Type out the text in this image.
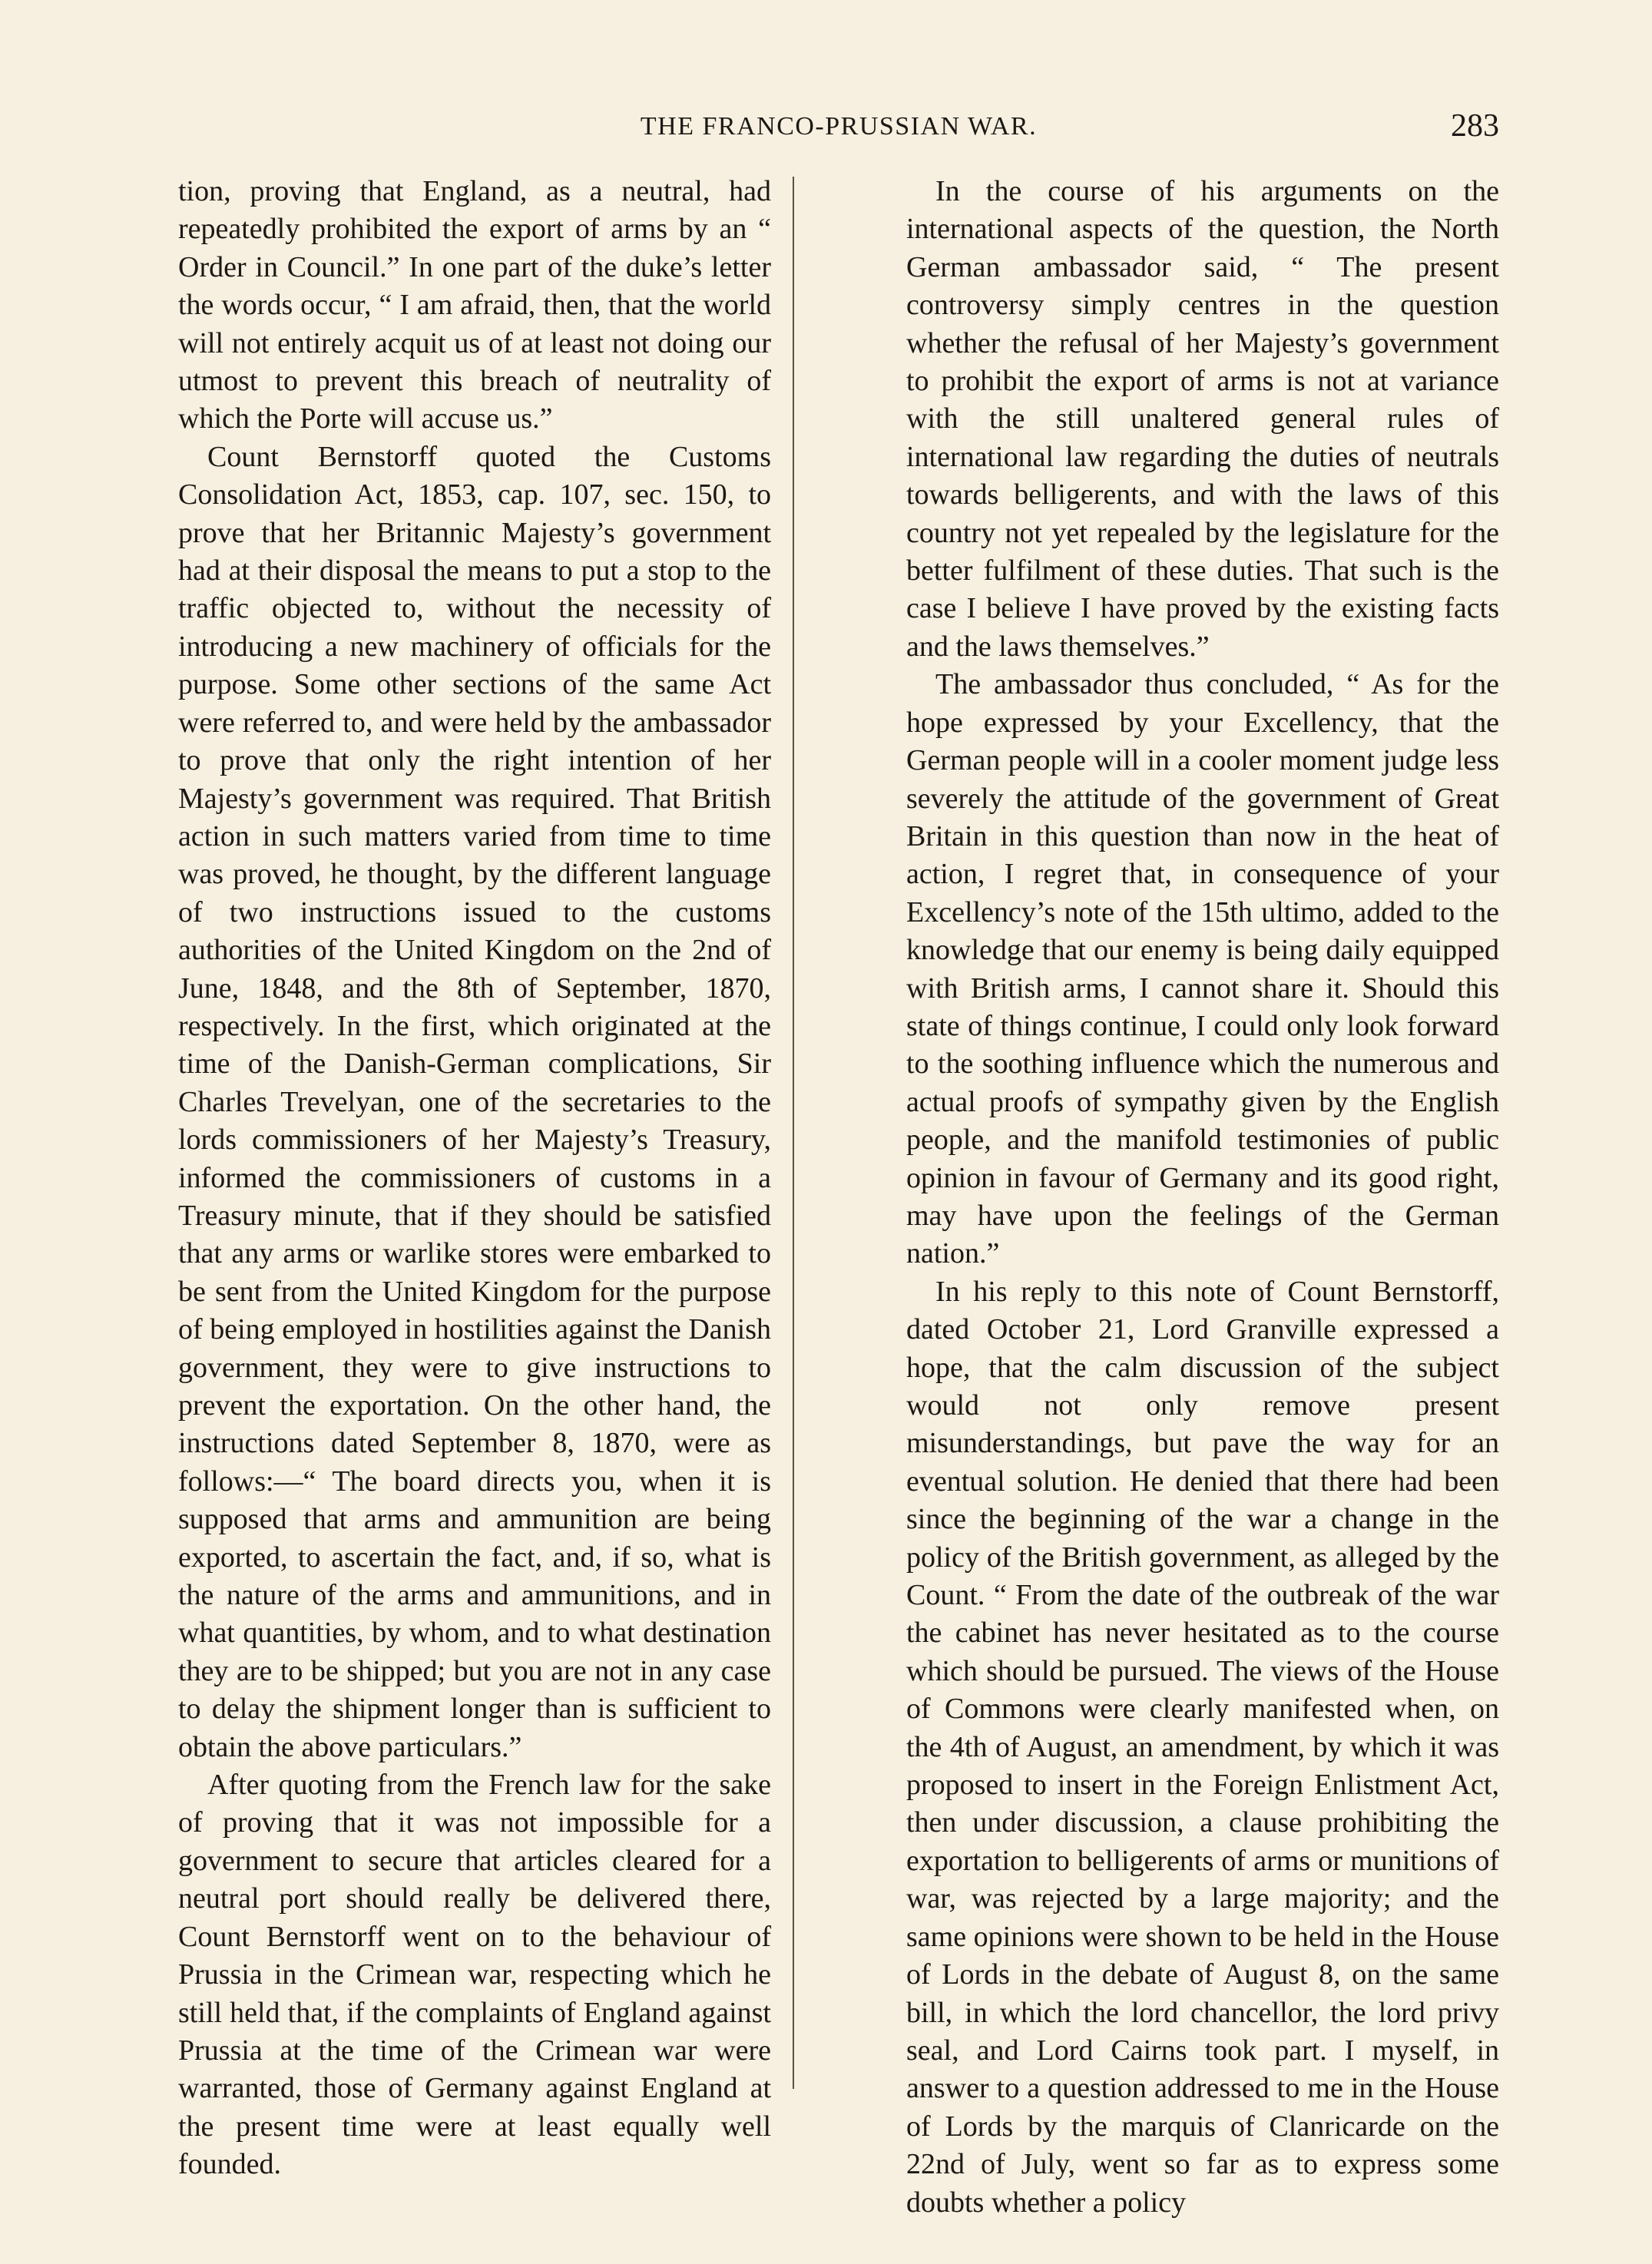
THE FRANCO-PRUSSIAN WAR.	283

tion, proving that England, as a neutral, had repeatedly prohibited the export of arms by an “ Order in Council.” In one part of the duke’s letter the words occur, “ I am afraid, then, that the world will not entirely acquit us of at least not doing our utmost to prevent this breach of neutrality of which the Porte will accuse us.”

Count Bernstorff quoted the Customs Consolidation Act, 1853, cap. 107, sec. 150, to prove that her Britannic Majesty’s government had at their disposal the means to put a stop to the traffic objected to, without the necessity of introducing a new machinery of officials for the purpose. Some other sections of the same Act were referred to, and were held by the ambassador to prove that only the right intention of her Majesty’s government was required. That British action in such matters varied from time to time was proved, he thought, by the different language of two instructions issued to the customs authorities of the United Kingdom on the 2nd of June, 1848, and the 8th of September, 1870, respectively. In the first, which originated at the time of the Danish-German complications, Sir Charles Trevelyan, one of the secretaries to the lords commissioners of her Majesty’s Treasury, informed the commissioners of customs in a Treasury minute, that if they should be satisfied that any arms or warlike stores were embarked to be sent from the United Kingdom for the purpose of being employed in hostilities against the Danish government, they were to give instructions to prevent the exportation. On the other hand, the instructions dated September 8, 1870, were as follows:—“ The board directs you, when it is supposed that arms and ammunition are being exported, to ascertain the fact, and, if so, what is the nature of the arms and ammunitions, and in what quantities, by whom, and to what destination they are to be shipped; but you are not in any case to delay the shipment longer than is sufficient to obtain the above particulars.”

After quoting from the French law for the sake of proving that it was not impossible for a government to secure that articles cleared for a neutral port should really be delivered there, Count Bernstorff went on to the behaviour of Prussia in the Crimean war, respecting which he still held that, if the complaints of England against Prussia at the time of the Crimean war were warranted, those of Germany against England at the present time were at least equally well founded.

In the course of his arguments on the international aspects of the question, the North German ambassador said, “ The present controversy simply centres in the question whether the refusal of her Majesty’s government to prohibit the export of arms is not at variance with the still unaltered general rules of international law regarding the duties of neutrals towards belligerents, and with the laws of this country not yet repealed by the legislature for the better fulfilment of these duties. That such is the case I believe I have proved by the existing facts and the laws themselves.”

The ambassador thus concluded, “ As for the hope expressed by your Excellency, that the German people will in a cooler moment judge less severely the attitude of the government of Great Britain in this question than now in the heat of action, I regret that, in consequence of your Excellency’s note of the 15th ultimo, added to the knowledge that our enemy is being daily equipped with British arms, I cannot share it. Should this state of things continue, I could only look forward to the soothing influence which the numerous and actual proofs of sympathy given by the English people, and the manifold testimonies of public opinion in favour of Germany and its good right, may have upon the feelings of the German nation.”

In his reply to this note of Count Bernstorff, dated October 21, Lord Granville expressed a hope, that the calm discussion of the subject would not only remove present misunderstandings, but pave the way for an eventual solution. He denied that there had been since the beginning of the war a change in the policy of the British government, as alleged by the Count. “ From the date of the outbreak of the war the cabinet has never hesitated as to the course which should be pursued. The views of the House of Commons were clearly manifested when, on the 4th of August, an amendment, by which it was proposed to insert in the Foreign Enlistment Act, then under discussion, a clause prohibiting the exportation to belligerents of arms or munitions of war, was rejected by a large majority; and the same opinions were shown to be held in the House of Lords in the debate of August 8, on the same bill, in which the lord chancellor, the lord privy seal, and Lord Cairns took part. I myself, in answer to a question addressed to me in the House of Lords by the marquis of Clanricarde on the 22nd of July, went so far as to express some doubts whether a policy
